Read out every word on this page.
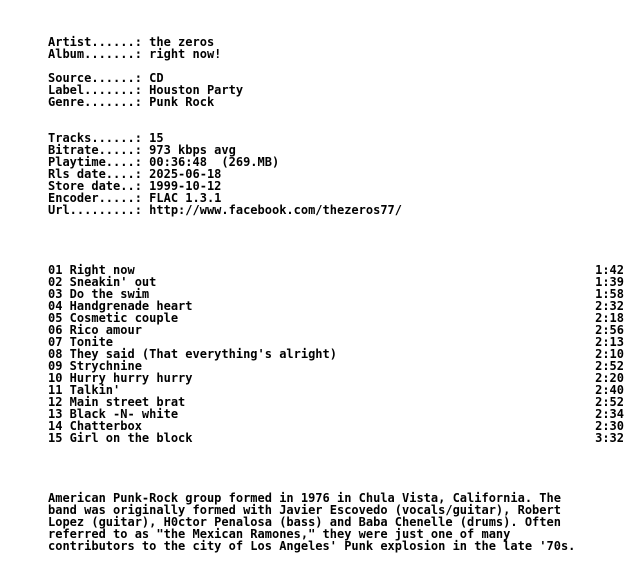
Artist......: the zeros
Album.......: right now!
Source......: CD
Label.......: Houston Party
Genre.......: Punk Rock
Tracks......: 15
Bitrate.....: 973 kbps avg
Playtime....: 00:36:48  (269.MB)
Rls date....: 2025-06-18
Store date..: 1999-10-12
Encoder.....: FLAC 1.3.1
Url.........: http://www.facebook.com/thezeros77/
01 Right now	1:42
02 Sneakin' out	1:39
03 Do the swim	1:58
04 Handgrenade heart	2:32
05 Cosmetic couple	2:18
06 Rico amour	2:56
07 Tonite	2:13
08 They said (That everything's alright)	2:10
09 Strychnine	2:52
10 Hurry hurry hurry	2:20
11 Talkin'	2:40
12 Main street brat	2:52
13 Black -N- white	2:34
14 Chatterbox	2:30
15 Girl on the block	3:32
American Punk-Rock group formed in 1976 in Chula Vista, California. The
band was originally formed with Javier Escovedo (vocals/guitar), Robert
Lopez (guitar), H0ctor Penalosa (bass) and Baba Chenelle (drums). Often
referred to as "the Mexican Ramones," they were just one of many
contributors to the city of Los Angeles' Punk explosion in the late '70s.
